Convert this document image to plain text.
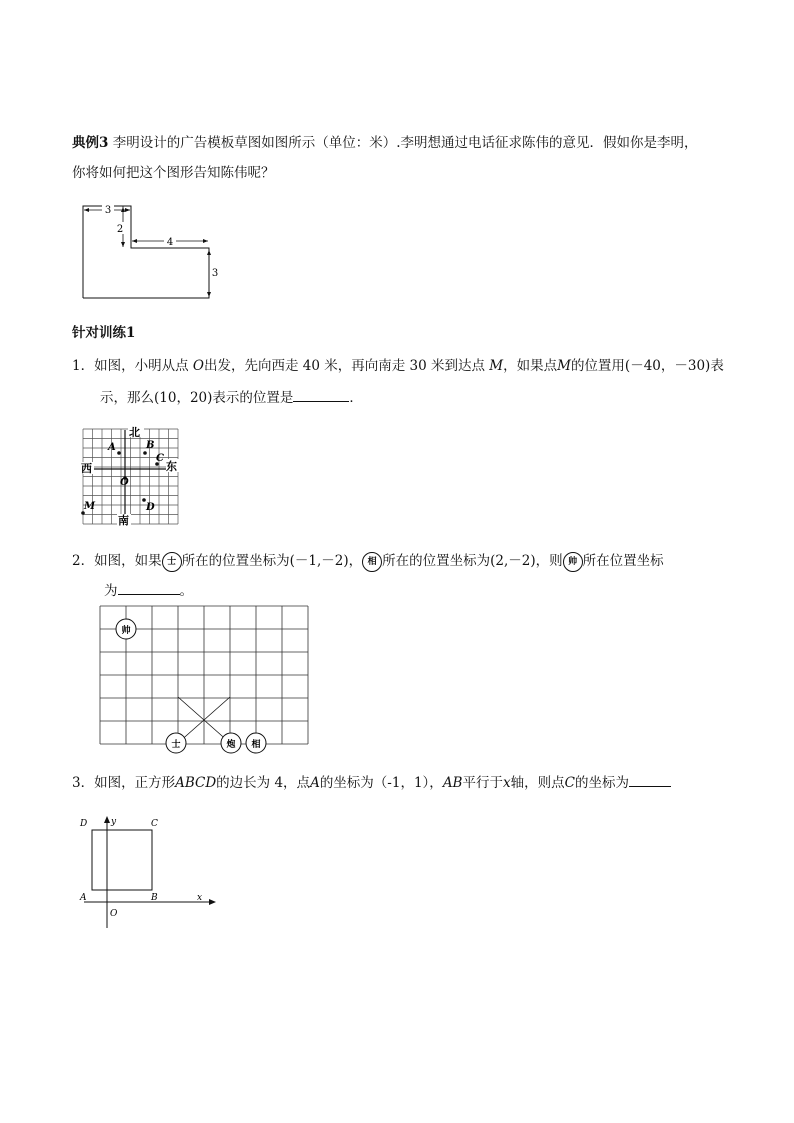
典例3 李明设计的广告模板草图如图所示（单位：米）.李明想通过电话征求陈伟的意见．假如你是李明，
你将如何把这个图形告知陈伟呢？
3
2
4
3
针对训练1
1．如图，小明从点 O出发，先向西走 40 米，再向南走 30 米到达点 M，如果点M的位置用(－40，－30)表
示，那么(10，20)表示的位置是	．
北
南
西	东
A	B
C
O
D
M
2．如图，如果 士 所在的位置坐标为(－1,－2)， 相 所在的位置坐标为(2,－2)，则 帅 所在位置坐标
为	。
帅
士	炮 相
3．如图，正方形ABCD的边长为 4，点A的坐标为（-1，1），AB平行于x轴，则点C的坐标为
D	y	C
A	B
O
x
